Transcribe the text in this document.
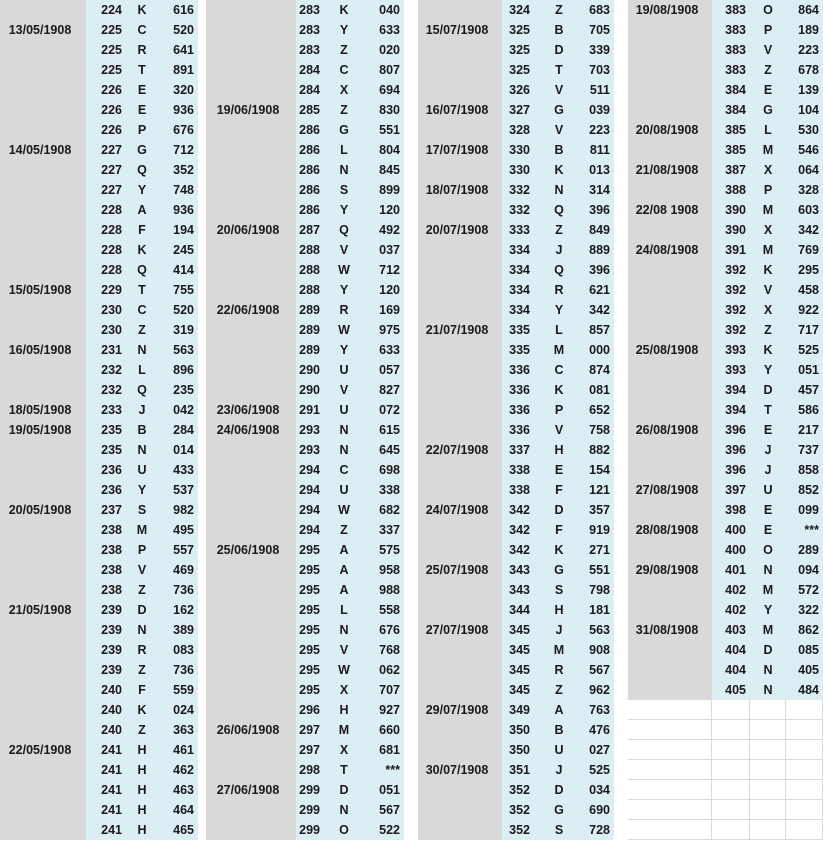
224	K	616
13/05/1908	225	C	520
225	R	641
225	T	891
226	E	320
226	E	936
226	P	676
14/05/1908	227	G	712
227	Q	352
227	Y	748
228	A	936
228	F	194
228	K	245
228	Q	414
15/05/1908	229	T	755
230	C	520
230	Z	319
16/05/1908	231	N	563
232	L	896
232	Q	235
18/05/1908	233	J	042
19/05/1908	235	B	284
235	N	014
236	U	433
236	Y	537
20/05/1908	237	S	982
238	M	495
238	P	557
238	V	469
238	Z	736
21/05/1908	239	D	162
239	N	389
239	R	083
239	Z	736
240	F	559
240	K	024
240	Z	363
22/05/1908	241	H	461
241	H	462
241	H	463
241	H	464
241	H	465
283	K	040
283	Y	633
283	Z	020
284	C	807
284	X	694
19/06/1908	285	Z	830
286	G	551
286	L	804
286	N	845
286	S	899
286	Y	120
20/06/1908	287	Q	492
288	V	037
288	W	712
288	Y	120
22/06/1908	289	R	169
289	W	975
289	Y	633
290	U	057
290	V	827
23/06/1908	291	U	072
24/06/1908	293	N	615
293	N	645
294	C	698
294	U	338
294	W	682
294	Z	337
25/06/1908	295	A	575
295	A	958
295	A	988
295	L	558
295	N	676
295	V	768
295	W	062
295	X	707
296	H	927
26/06/1908	297	M	660
297	X	681
298	T	***
27/06/1908	299	D	051
299	N	567
299	O	522
324	Z	683
15/07/1908	325	B	705
325	D	339
325	T	703
326	V	511
16/07/1908	327	G	039
328	V	223
17/07/1908	330	B	811
330	K	013
18/07/1908	332	N	314
332	Q	396
20/07/1908	333	Z	849
334	J	889
334	Q	396
334	R	621
334	Y	342
21/07/1908	335	L	857
335	M	000
336	C	874
336	K	081
336	P	652
336	V	758
22/07/1908	337	H	882
338	E	154
338	F	121
24/07/1908	342	D	357
342	F	919
342	K	271
25/07/1908	343	G	551
343	S	798
344	H	181
27/07/1908	345	J	563
345	M	908
345	R	567
345	Z	962
29/07/1908	349	A	763
350	B	476
350	U	027
30/07/1908	351	J	525
352	D	034
352	G	690
352	S	728
19/08/1908	383	O	864
383	P	189
383	V	223
383	Z	678
384	E	139
384	G	104
20/08/1908	385	L	530
385	M	546
21/08/1908	387	X	064
388	P	328
22/08 1908	390	M	603
390	X	342
24/08/1908	391	M	769
392	K	295
392	V	458
392	X	922
392	Z	717
25/08/1908	393	K	525
393	Y	051
394	D	457
394	T	586
26/08/1908	396	E	217
396	J	737
396	J	858
27/08/1908	397	U	852
398	E	099
28/08/1908	400	E	***
400	O	289
29/08/1908	401	N	094
402	M	572
402	Y	322
31/08/1908	403	M	862
404	D	085
404	N	405
405	N	484
